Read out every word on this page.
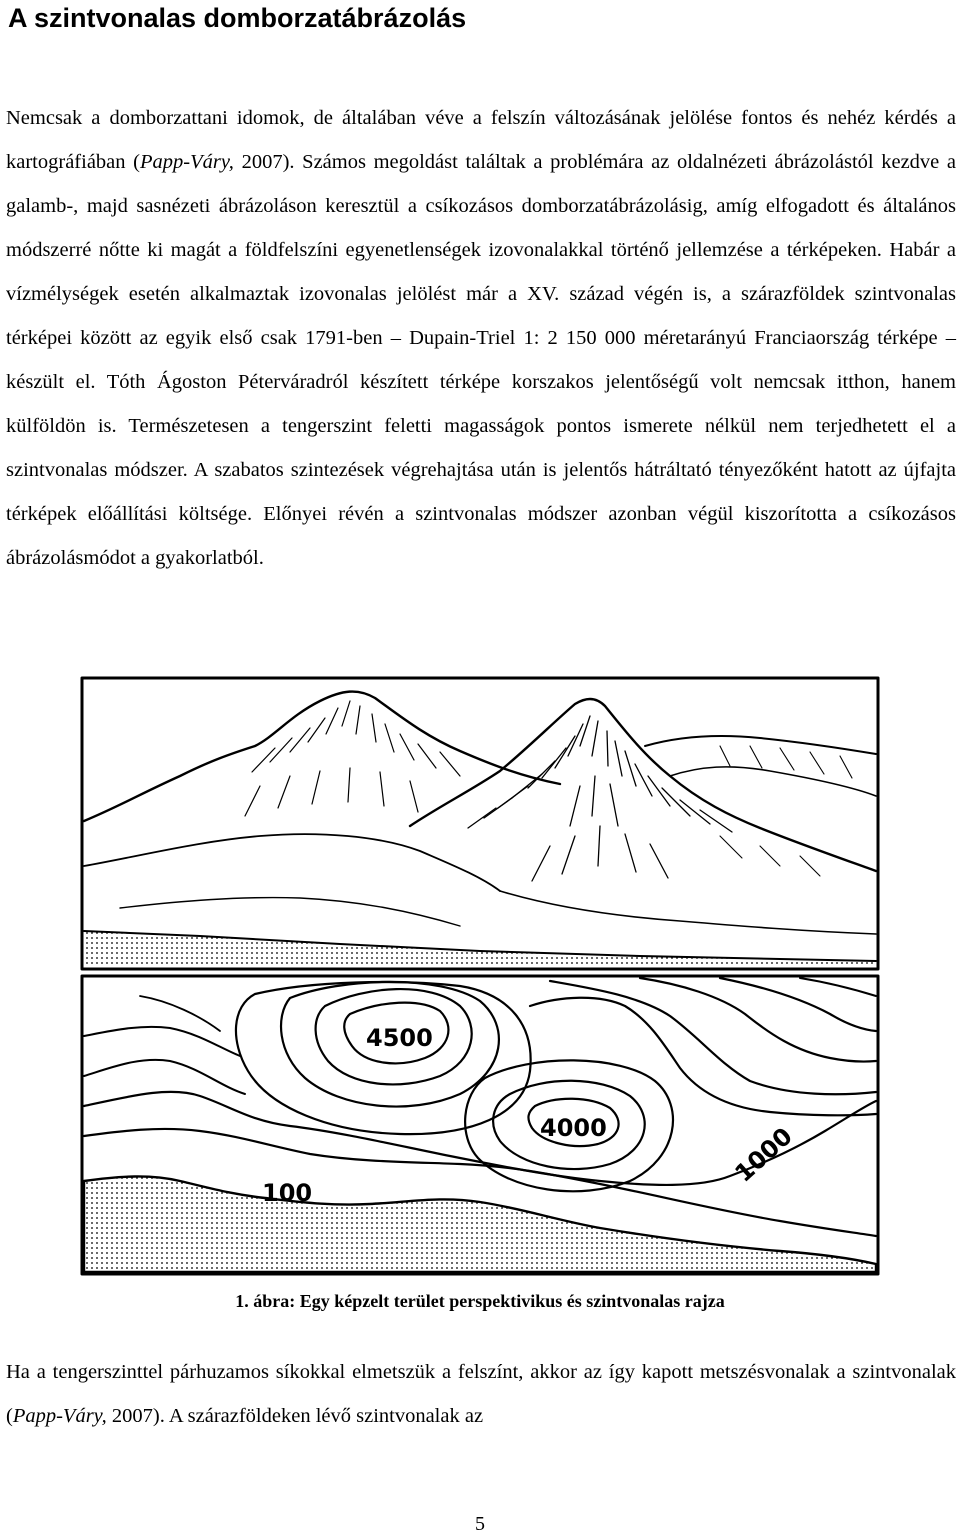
A szintvonalas domborzatábrázolás

Nemcsak a domborzattani idomok, de általában véve a felszín változásának jelölése fontos és nehéz kérdés a kartográfiában (Papp-Váry, 2007). Számos megoldást találtak a problémára az oldalnézeti ábrázolástól kezdve a galamb-, majd sasnézeti ábrázoláson keresztül a csíkozásos domborzatábrázolásig, amíg elfogadott és általános módszerré nőtte ki magát a földfelszíni egyenetlenségek izovonalakkal történő jellemzése a térképeken. Habár a vízmélységek esetén alkalmaztak izovonalas jelölést már a XV. század végén is, a szárazföldek szintvonalas térképei között az egyik első csak 1791-ben – Dupain-Triel 1: 2 150 000 méretarányú Franciaország térképe – készült el. Tóth Ágoston Péterváradról készített térképe korszakos jelentőségű volt nemcsak itthon, hanem külföldön is. Természetesen a tengerszint feletti magasságok pontos ismerete nélkül nem terjedhetett el a szintvonalas módszer. A szabatos szintezések végrehajtása után is jelentős hátráltató tényezőként hatott az újfajta térképek előállítási költsége. Előnyei révén a szintvonalas módszer azonban végül kiszorította a csíkozásos ábrázolásmódot a gyakorlatból.

4500
4000	1000
100
1. ábra: Egy képzelt terület perspektivikus és szintvonalas rajza

Ha a tengerszinttel párhuzamos síkokkal elmetszük a felszínt, akkor az így kapott metszésvonalak a szintvonalak (Papp-Váry, 2007). A szárazföldeken lévő szintvonalak az

5
